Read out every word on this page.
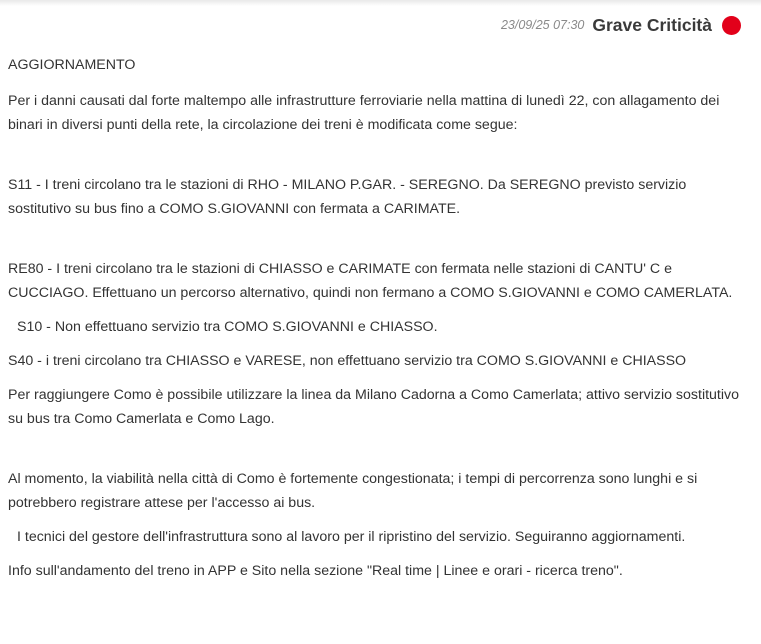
23/09/25 07:30 Grave Criticità

AGGIORNAMENTO

Per i danni causati dal forte maltempo alle infrastrutture ferroviarie nella mattina di lunedì 22, con allagamento dei binari in diversi punti della rete, la circolazione dei treni è modificata come segue:

S11 - I treni circolano tra le stazioni di RHO - MILANO P.GAR. - SEREGNO. Da SEREGNO previsto servizio sostitutivo su bus fino a COMO S.GIOVANNI con fermata a CARIMATE.

RE80 - I treni circolano tra le stazioni di CHIASSO e CARIMATE con fermata nelle stazioni di CANTU' C e CUCCIAGO. Effettuano un percorso alternativo, quindi non fermano a COMO S.GIOVANNI e COMO CAMERLATA.

S10 - Non effettuano servizio tra COMO S.GIOVANNI e CHIASSO.

S40 - i treni circolano tra CHIASSO e VARESE, non effettuano servizio tra COMO S.GIOVANNI e CHIASSO

Per raggiungere Como è possibile utilizzare la linea da Milano Cadorna a Como Camerlata; attivo servizio sostitutivo su bus tra Como Camerlata e Como Lago.

Al momento, la viabilità nella città di Como è fortemente congestionata; i tempi di percorrenza sono lunghi e si potrebbero registrare attese per l'accesso ai bus.

I tecnici del gestore dell'infrastruttura sono al lavoro per il ripristino del servizio. Seguiranno aggiornamenti.

Info sull'andamento del treno in APP e Sito nella sezione "Real time | Linee e orari - ricerca treno".
